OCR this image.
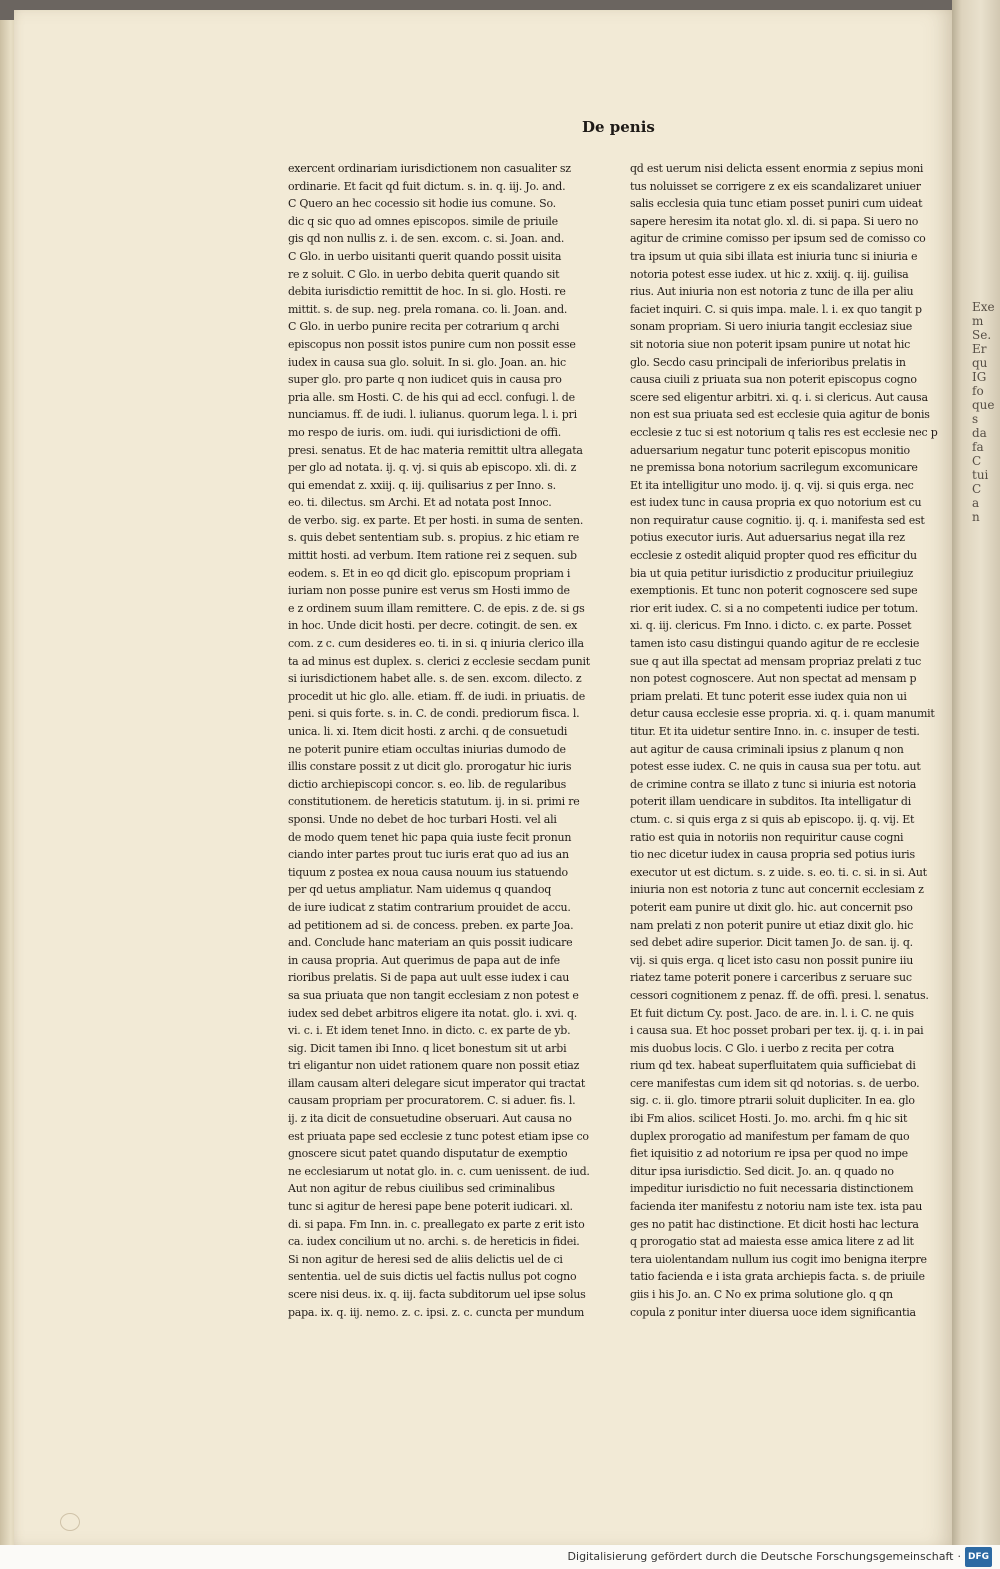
Exe
m
Se.
Er
qu
IG
fo
que
s
da
fa
C
tui
C
a
n
De penis
exercent ordinariam iurisdictionem non casualiter sz
ordinarie. Et facit qd fuit dictum. s. in. q. iij. Jo. and.
C Quero an hec cocessio sit hodie ius comune. So.
dic q sic quo ad omnes episcopos. simile de priuile
gis qd non nullis z. i. de sen. excom. c. si. Joan. and.
C Glo. in uerbo uisitanti querit quando possit uisita
re z soluit. C Glo. in uerbo debita querit quando sit
debita iurisdictio remittit de hoc. In si. glo. Hosti. re
mittit. s. de sup. neg. prela romana. co. li. Joan. and.
C Glo. in uerbo punire recita per cotrarium q archi
episcopus non possit istos punire cum non possit esse
iudex in causa sua glo. soluit. In si. glo. Joan. an. hic
super glo. pro parte q non iudicet quis in causa pro
pria alle. sm Hosti. C. de his qui ad eccl. confugi. l. de
nunciamus. ff. de iudi. l. iulianus. quorum lega. l. i. pri
mo respo de iuris. om. iudi. qui iurisdictioni de offi.
presi. senatus. Et de hac materia remittit ultra allegata
per glo ad notata. ij. q. vj. si quis ab episcopo. xli. di. z
qui emendat z. xxiij. q. iij. quilisarius z per Inno. s.
eo. ti. dilectus. sm Archi. Et ad notata post Innoc.
de verbo. sig. ex parte. Et per hosti. in suma de senten.
s. quis debet sententiam sub. s. propius. z hic etiam re
mittit hosti. ad verbum. Item ratione rei z sequen. sub
eodem. s. Et in eo qd dicit glo. episcopum propriam i
iuriam non posse punire est verus sm Hosti immo de
e z ordinem suum illam remittere. C. de epis. z de. si gs
in hoc. Unde dicit hosti. per decre. cotingit. de sen. ex
com. z c. cum desideres eo. ti. in si. q iniuria clerico illa
ta ad minus est duplex. s. clerici z ecclesie secdam punit
si iurisdictionem habet alle. s. de sen. excom. dilecto. z
procedit ut hic glo. alle. etiam. ff. de iudi. in priuatis. de
peni. si quis forte. s. in. C. de condi. prediorum fisca. l.
unica. li. xi. Item dicit hosti. z archi. q de consuetudi
ne poterit punire etiam occultas iniurias dumodo de
illis constare possit z ut dicit glo. prorogatur hic iuris
dictio archiepiscopi concor. s. eo. lib. de regularibus
constitutionem. de hereticis statutum. ij. in si. primi re
sponsi. Unde no debet de hoc turbari Hosti. vel ali
de modo quem tenet hic papa quia iuste fecit pronun
ciando inter partes prout tuc iuris erat quo ad ius an
tiquum z postea ex noua causa nouum ius statuendo
per qd uetus ampliatur. Nam uidemus q quandoq
de iure iudicat z statim contrarium prouidet de accu.
ad petitionem ad si. de concess. preben. ex parte Joa.
and. Conclude hanc materiam an quis possit iudicare
in causa propria. Aut querimus de papa aut de infe
rioribus prelatis. Si de papa aut uult esse iudex i cau
sa sua priuata que non tangit ecclesiam z non potest e
iudex sed debet arbitros eligere ita notat. glo. i. xvi. q.
vi. c. i. Et idem tenet Inno. in dicto. c. ex parte de yb.
sig. Dicit tamen ibi Inno. q licet bonestum sit ut arbi
tri eligantur non uidet rationem quare non possit etiaz
illam causam alteri delegare sicut imperator qui tractat
causam propriam per procuratorem. C. si aduer. fis. l.
ij. z ita dicit de consuetudine obseruari. Aut causa no
est priuata pape sed ecclesie z tunc potest etiam ipse co
gnoscere sicut patet quando disputatur de exemptio
ne ecclesiarum ut notat glo. in. c. cum uenissent. de iud.
Aut non agitur de rebus ciuilibus sed criminalibus
tunc si agitur de heresi pape bene poterit iudicari. xl.
di. si papa. Fm Inn. in. c. preallegato ex parte z erit isto
ca. iudex concilium ut no. archi. s. de hereticis in fidei.
Si non agitur de heresi sed de aliis delictis uel de ci
sententia. uel de suis dictis uel factis nullus pot cogno
scere nisi deus. ix. q. iij. facta subditorum uel ipse solus
papa. ix. q. iij. nemo. z. c. ipsi. z. c. cuncta per mundum
qd est uerum nisi delicta essent enormia z sepius moni
tus noluisset se corrigere z ex eis scandalizaret uniuer
salis ecclesia quia tunc etiam posset puniri cum uideat
sapere heresim ita notat glo. xl. di. si papa. Si uero no
agitur de crimine comisso per ipsum sed de comisso co
tra ipsum ut quia sibi illata est iniuria tunc si iniuria e
notoria potest esse iudex. ut hic z. xxiij. q. iij. guilisa
rius. Aut iniuria non est notoria z tunc de illa per aliu
faciet inquiri. C. si quis impa. male. l. i. ex quo tangit p
sonam propriam. Si uero iniuria tangit ecclesiaz siue
sit notoria siue non poterit ipsam punire ut notat hic
glo. Secdo casu principali de inferioribus prelatis in
causa ciuili z priuata sua non poterit episcopus cogno
scere sed eligentur arbitri. xi. q. i. si clericus. Aut causa
non est sua priuata sed est ecclesie quia agitur de bonis
ecclesie z tuc si est notorium q talis res est ecclesie nec p
aduersarium negatur tunc poterit episcopus monitio
ne premissa bona notorium sacrilegum excomunicare
Et ita intelligitur uno modo. ij. q. vij. si quis erga. nec
est iudex tunc in causa propria ex quo notorium est cu
non requiratur cause cognitio. ij. q. i. manifesta sed est
potius executor iuris. Aut aduersarius negat illa rez
ecclesie z ostedit aliquid propter quod res efficitur du
bia ut quia petitur iurisdictio z producitur priuilegiuz
exemptionis. Et tunc non poterit cognoscere sed supe
rior erit iudex. C. si a no competenti iudice per totum.
xi. q. iij. clericus. Fm Inno. i dicto. c. ex parte. Posset
tamen isto casu distingui quando agitur de re ecclesie
sue q aut illa spectat ad mensam propriaz prelati z tuc
non potest cognoscere. Aut non spectat ad mensam p
priam prelati. Et tunc poterit esse iudex quia non ui
detur causa ecclesie esse propria. xi. q. i. quam manumit
titur. Et ita uidetur sentire Inno. in. c. insuper de testi.
aut agitur de causa criminali ipsius z planum q non
potest esse iudex. C. ne quis in causa sua per totu. aut
de crimine contra se illato z tunc si iniuria est notoria
poterit illam uendicare in subditos. Ita intelligatur di
ctum. c. si quis erga z si quis ab episcopo. ij. q. vij. Et
ratio est quia in notoriis non requiritur cause cogni
tio nec dicetur iudex in causa propria sed potius iuris
executor ut est dictum. s. z uide. s. eo. ti. c. si. in si. Aut
iniuria non est notoria z tunc aut concernit ecclesiam z
poterit eam punire ut dixit glo. hic. aut concernit pso
nam prelati z non poterit punire ut etiaz dixit glo. hic
sed debet adire superior. Dicit tamen Jo. de san. ij. q.
vij. si quis erga. q licet isto casu non possit punire iiu
riatez tame poterit ponere i carceribus z seruare suc
cessori cognitionem z penaz. ff. de offi. presi. l. senatus.
Et fuit dictum Cy. post. Jaco. de are. in. l. i. C. ne quis
i causa sua. Et hoc posset probari per tex. ij. q. i. in pai
mis duobus locis. C Glo. i uerbo z recita per cotra
rium qd tex. habeat superfluitatem quia sufficiebat di
cere manifestas cum idem sit qd notorias. s. de uerbo.
sig. c. ii. glo. timore ptrarii soluit dupliciter. In ea. glo
ibi Fm alios. scilicet Hosti. Jo. mo. archi. fm q hic sit
duplex prorogatio ad manifestum per famam de quo
fiet iquisitio z ad notorium re ipsa per quod no impe
ditur ipsa iurisdictio. Sed dicit. Jo. an. q quado no
impeditur iurisdictio no fuit necessaria distinctionem
facienda iter manifestu z notoriu nam iste tex. ista pau
ges no patit hac distinctione. Et dicit hosti hac lectura
q prorogatio stat ad maiesta esse amica litere z ad lit
tera uiolentandam nullum ius cogit imo benigna iterpre
tatio facienda e i ista grata archiepis facta. s. de priuile
giis i his Jo. an. C No ex prima solutione glo. q qn
copula z ponitur inter diuersa uoce idem significantia
Digitalisierung gefördert durch die Deutsche Forschungsgemeinschaft · DFG
